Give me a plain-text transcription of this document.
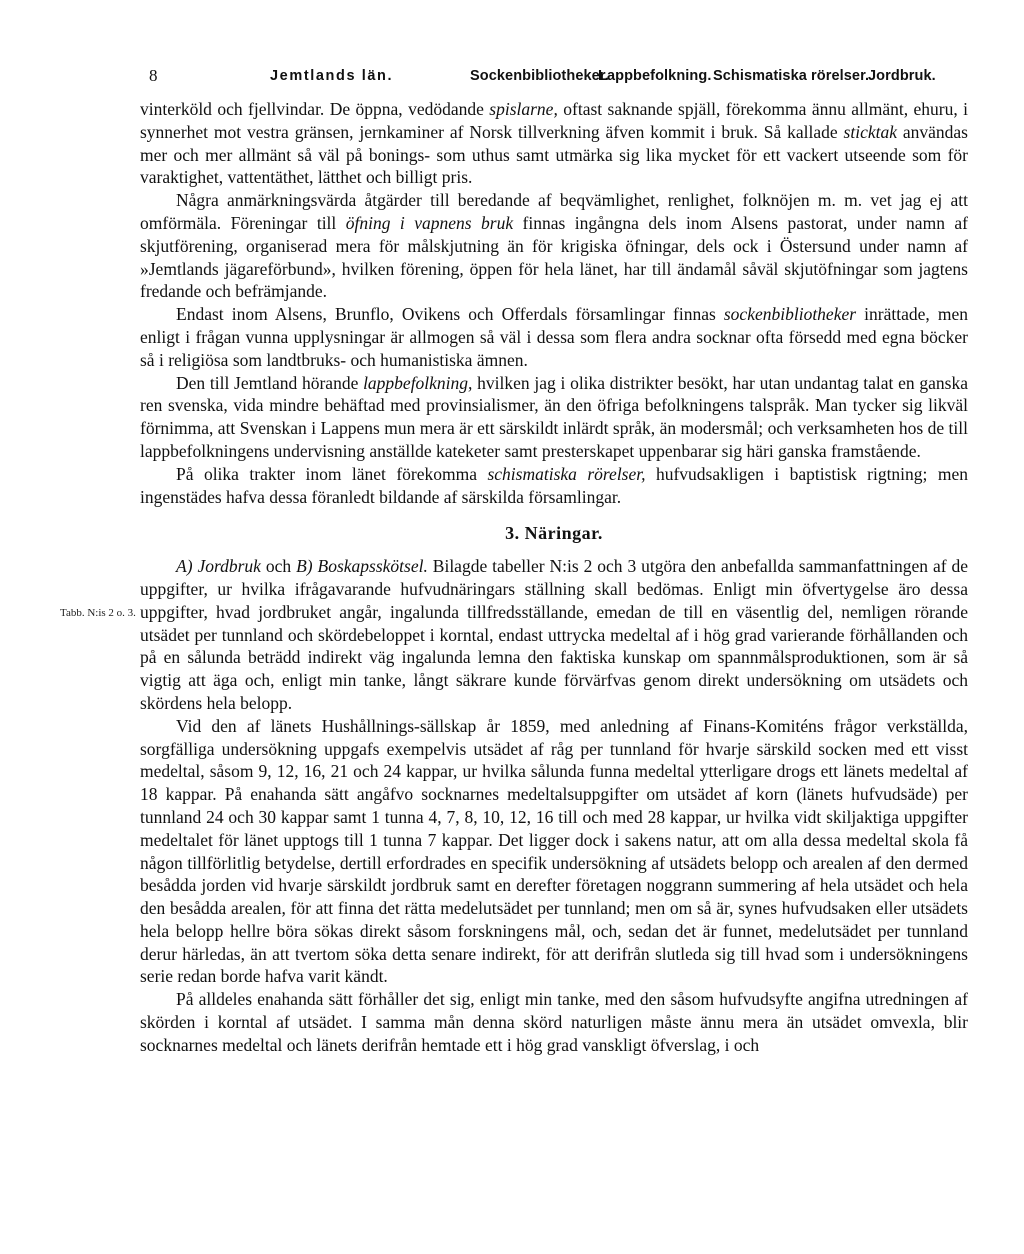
8	Jemtlands län.	Sockenbibliotheker.
Lappbefolkning. Schismatiska rörelser.
Jordbruk.
Tabb. N:is 2 o. 3.

vinterköld och fjellvindar. De öppna, vedödande spislarne, oftast saknande spjäll, förekomma ännu allmänt, ehuru, i synnerhet mot vestra gränsen, jernkaminer af Norsk tillverkning äfven kommit i bruk. Så kallade sticktak användas mer och mer allmänt så väl på bonings- som uthus samt utmärka sig lika mycket för ett vackert utseende som för varaktighet, vattentäthet, lätthet och billigt pris.

Några anmärkningsvärda åtgärder till beredande af beqvämlighet, renlighet, folknöjen m. m. vet jag ej att omförmäla. Föreningar till öfning i vapnens bruk finnas ingångna dels inom Alsens pastorat, under namn af skjutförening, organiserad mera för målskjutning än för krigiska öfningar, dels ock i Östersund under namn af »Jemtlands jägareförbund», hvilken förening, öppen för hela länet, har till ändamål såväl skjutöfningar som jagtens fredande och befrämjande.

Endast inom Alsens, Brunflo, Ovikens och Offerdals församlingar finnas sockenbibliotheker inrättade, men enligt i frågan vunna upplysningar är allmogen så väl i dessa som flera andra socknar ofta försedd med egna böcker så i religiösa som landtbruks- och humanistiska ämnen.

Den till Jemtland hörande lappbefolkning, hvilken jag i olika distrikter besökt, har utan undantag talat en ganska ren svenska, vida mindre behäftad med provinsialismer, än den öfriga befolkningens talspråk. Man tycker sig likväl förnimma, att Svenskan i Lappens mun mera är ett särskildt inlärdt språk, än modersmål; och verksamheten hos de till lappbefolkningens undervisning anställde kateketer samt presterskapet uppenbarar sig häri ganska framstående.

På olika trakter inom länet förekomma schismatiska rörelser, hufvudsakligen i baptistisk rigtning; men ingenstädes hafva dessa föranledt bildande af särskilda församlingar.

3. Näringar.

A) Jordbruk och B) Boskapsskötsel. Bilagde tabeller N:is 2 och 3 utgöra den anbefallda sammanfattningen af de uppgifter, ur hvilka ifrågavarande hufvudnäringars ställning skall bedömas. Enligt min öfvertygelse äro dessa uppgifter, hvad jordbruket angår, ingalunda tillfredsställande, emedan de till en väsentlig del, nemligen rörande utsädet per tunnland och skördebeloppet i korntal, endast uttrycka medeltal af i hög grad varierande förhållanden och på en sålunda beträdd indirekt väg ingalunda lemna den faktiska kunskap om spannmålsproduktionen, som är så vigtig att äga och, enligt min tanke, långt säkrare kunde förvärfvas genom direkt undersökning om utsädets och skördens hela belopp.

Vid den af länets Hushållnings-sällskap år 1859, med anledning af Finans-Komiténs frågor verkställda, sorgfälliga undersökning uppgafs exempelvis utsädet af råg per tunnland för hvarje särskild socken med ett visst medeltal, såsom 9, 12, 16, 21 och 24 kappar, ur hvilka sålunda funna medeltal ytterligare drogs ett länets medeltal af 18 kappar. På enahanda sätt angåfvo socknarnes medeltalsuppgifter om utsädet af korn (länets hufvudsäde) per tunnland 24 och 30 kappar samt 1 tunna 4, 7, 8, 10, 12, 16 till och med 28 kappar, ur hvilka vidt skiljaktiga uppgifter medeltalet för länet upptogs till 1 tunna 7 kappar. Det ligger dock i sakens natur, att om alla dessa medeltal skola få någon tillförlitlig betydelse, dertill erfordrades en specifik undersökning af utsädets belopp och arealen af den dermed besådda jorden vid hvarje särskildt jordbruk samt en derefter företagen noggrann summering af hela utsädet och hela den besådda arealen, för att finna det rätta medelutsädet per tunnland; men om så är, synes hufvudsaken eller utsädets hela belopp hellre böra sökas direkt såsom forskningens mål, och, sedan det är funnet, medelutsädet per tunnland derur härledas, än att tvertom söka detta senare indirekt, för att derifrån slutleda sig till hvad som i undersökningens serie redan borde hafva varit kändt.

På alldeles enahanda sätt förhåller det sig, enligt min tanke, med den såsom hufvudsyfte angifna utredningen af skörden i korntal af utsädet. I samma mån denna skörd naturligen måste ännu mera än utsädet omvexla, blir socknarnes medeltal och länets derifrån hemtade ett i hög grad vanskligt öfverslag, i och
